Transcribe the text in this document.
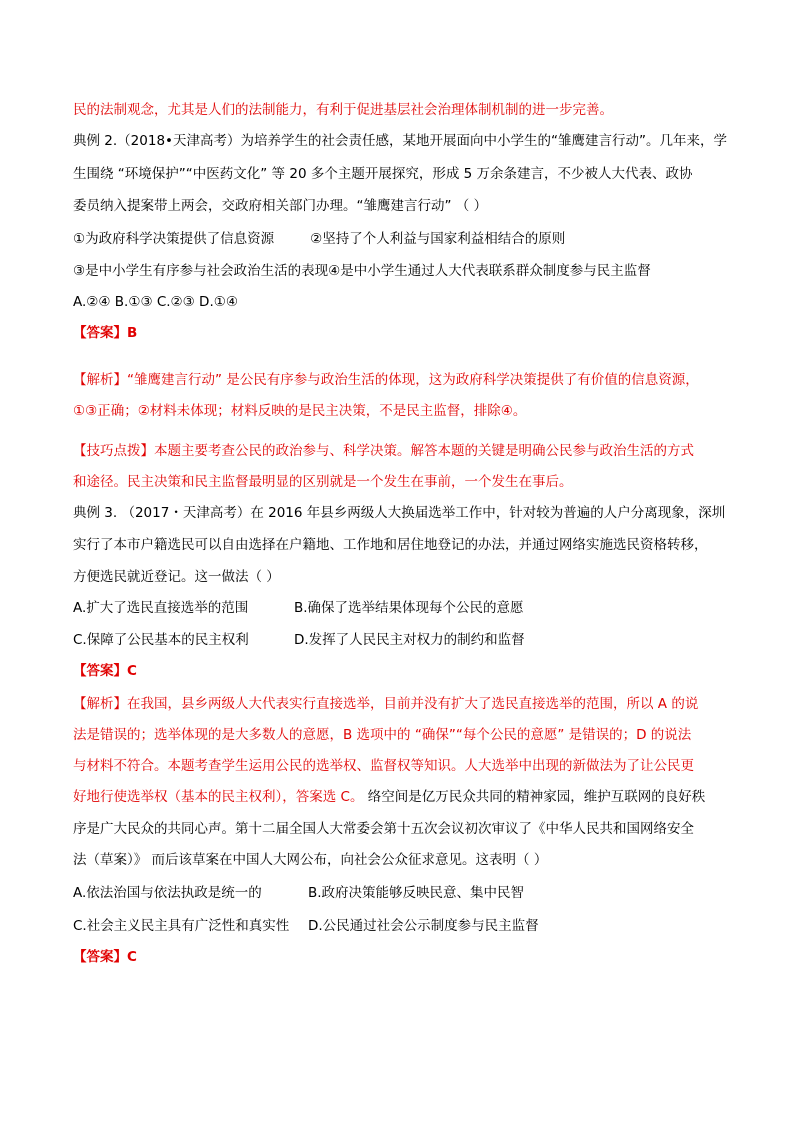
民的法制观念，尤其是人们的法制能力，有利于促进基层社会治理体制机制的进一步完善。
典例 2.（2018•天津高考）为培养学生的社会责任感，某地开展面向中小学生的“雏鹰建言行动”。几年来，学
生围绕 “环境保护”“中医药文化” 等 20 多个主题开展探究，形成 5 万余条建言，不少被人大代表、政协
委员纳入提案带上两会，交政府相关部门办理。“雏鹰建言行动” （ ）
①为政府科学决策提供了信息资源	②坚持了个人利益与国家利益相结合的原则
③是中小学生有序参与社会政治生活的表现④是中小学生通过人大代表联系群众制度参与民主监督
A.②④ B.①③ C.②③ D.①④
【答案】B
【解析】“雏鹰建言行动” 是公民有序参与政治生活的体现，这为政府科学决策提供了有价值的信息资源，
①③正确；②材料未体现；材料反映的是民主决策，不是民主监督，排除④。
【技巧点拨】本题主要考查公民的政治参与、科学决策。解答本题的关键是明确公民参与政治生活的方式
和途径。民主决策和民主监督最明显的区别就是一个发生在事前，一个发生在事后。
典例 3. （2017・天津高考）在 2016 年县乡两级人大换届选举工作中，针对较为普遍的人户分离现象，深圳
实行了本市户籍选民可以自由选择在户籍地、工作地和居住地登记的办法，并通过网络实施选民资格转移，
方便选民就近登记。这一做法（ ）
A.扩大了选民直接选举的范围	B.确保了选举结果体现每个公民的意愿
C.保障了公民基本的民主权利	D.发挥了人民民主对权力的制约和监督
【答案】C
【解析】在我国，县乡两级人大代表实行直接选举，目前并没有扩大了选民直接选举的范围，所以 A 的说
法是错误的；选举体现的是大多数人的意愿，B 选项中的 “确保”“每个公民的意愿” 是错误的；D 的说法
与材料不符合。本题考查学生运用公民的选举权、监督权等知识。人大选举中出现的新做法为了让公民更
好地行使选举权（基本的民主权利），答案选 C。 络空间是亿万民众共同的精神家园，维护互联网的良好秩
序是广大民众的共同心声。第十二届全国人大常委会第十五次会议初次审议了《中华人民共和国网络安全
法（草案）》 而后该草案在中国人大网公布，向社会公众征求意见。这表明（ ）
A.依法治国与依法执政是统一的	B.政府决策能够反映民意、集中民智
C.社会主义民主具有广泛性和真实性 D.公民通过社会公示制度参与民主监督
【答案】C
